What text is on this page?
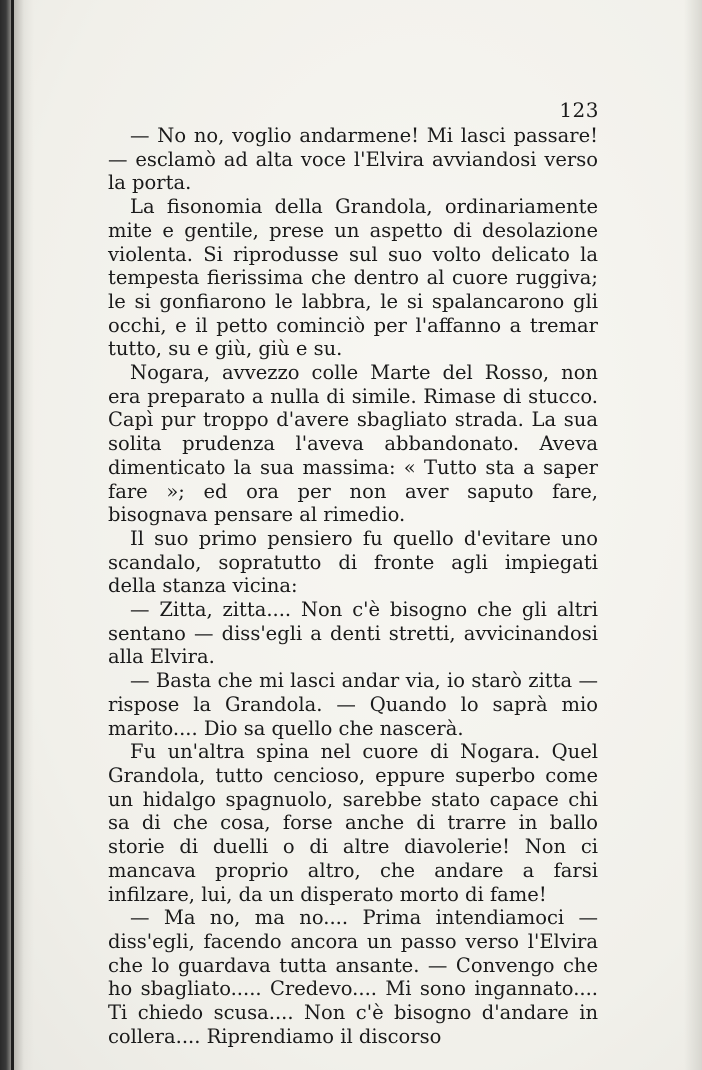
123

— No no, voglio andarmene! Mi lasci passare! — esclamò ad alta voce l'Elvira avviandosi verso la porta.

La fisonomia della Grandola, ordinariamente mite e gentile, prese un aspetto di desolazione violenta. Si riprodusse sul suo volto delicato la tempesta fierissima che dentro al cuore ruggiva; le si gonfiarono le labbra, le si spalancarono gli occhi, e il petto cominciò per l'affanno a tremar tutto, su e giù, giù e su.

Nogara, avvezzo colle Marte del Rosso, non era preparato a nulla di simile. Rimase di stucco. Capì pur troppo d'avere sbagliato strada. La sua solita prudenza l'aveva abbandonato. Aveva dimenticato la sua massima: « Tutto sta a saper fare »; ed ora per non aver saputo fare, bisognava pensare al rimedio.

Il suo primo pensiero fu quello d'evitare uno scandalo, sopratutto di fronte agli impiegati della stanza vicina:

— Zitta, zitta.... Non c'è bisogno che gli altri sentano — diss'egli a denti stretti, avvicinandosi alla Elvira.

— Basta che mi lasci andar via, io starò zitta — rispose la Grandola. — Quando lo saprà mio marito.... Dio sa quello che nascerà.

Fu un'altra spina nel cuore di Nogara. Quel Grandola, tutto cencioso, eppure superbo come un hidalgo spagnuolo, sarebbe stato capace chi sa di che cosa, forse anche di trarre in ballo storie di duelli o di altre diavolerie! Non ci mancava proprio altro, che andare a farsi infilzare, lui, da un disperato morto di fame!

— Ma no, ma no.... Prima intendiamoci — diss'egli, facendo ancora un passo verso l'Elvira che lo guardava tutta ansante. — Convengo che ho sbagliato..... Credevo.... Mi sono ingannato.... Ti chiedo scusa.... Non c'è bisogno d'andare in collera.... Riprendiamo il discorso
